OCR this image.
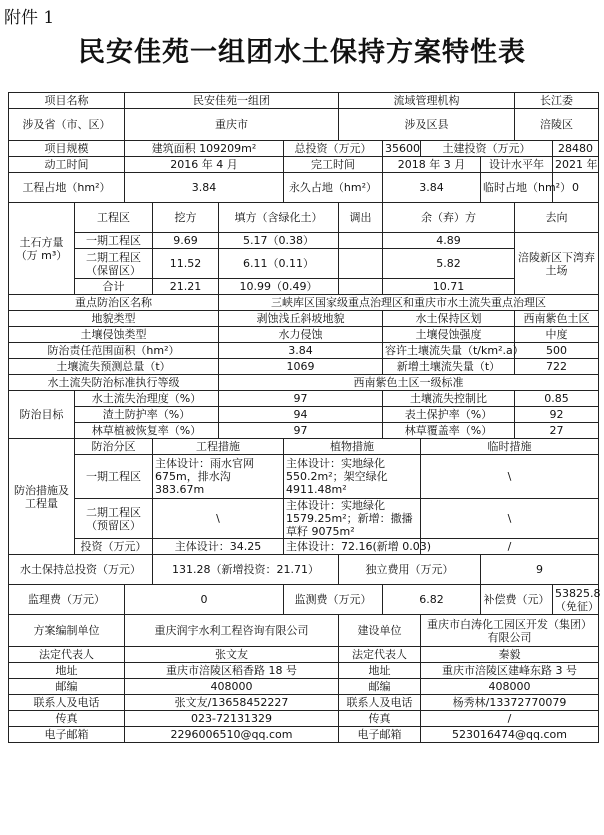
附件 1
民安佳苑一组团水土保持方案特性表
项目名称		民安佳苑一组团				流域管理机构				长江委	
涉及省（市、区）		重庆市				涉及区县				涪陵区	
项目规模		建筑面积 109209m²			总投资（万元）		35600	土建投资（万元）			28480
动工时间		2016 年 4 月			完工时间		2018 年 3 月		设计水平年		2021 年
工程占地（hm²）		3.84			永久占地（hm²）		3.84		临时占地（hm²）		0
土石方量（万 m³）	工程区		挖方	填方（含绿化土）		调出	余（弃）方			去向	
	一期工程区		9.69	5.17（0.38）			4.89			涪陵新区下湾弃土场	
	二期工程区（保留区）		11.52	6.11（0.11）			5.82				
	合计		21.21	10.99（0.49）			10.71				
重点防治区名称				三峡库区国家级重点治理区和重庆市水土流失重点治理区							
地貌类型				剥蚀浅丘斜坡地貌			水土保持区划			西南紫色土区	
土壤侵蚀类型				水力侵蚀			土壤侵蚀强度			中度	
防治责任范围面积（hm²）				3.84			容许土壤流失量（t/km².a）			500	
土壤流失预测总量（t）				1069			新增土壤流失量（t）			722	
水土流失防治标准执行等级				西南紫色土区一级标准							
防治目标	水土流失治理度（%）			97			土壤流失控制比			0.85	
	渣土防护率（%）			94			表土保护率（%）			92	
	林草植被恢复率（%）			97			林草覆盖率（%）			27	
防治措施及工程量	防治分区		工程措施		植物措施			临时措施			
	一期工程区		主体设计：雨水官网675m，排水沟 383.67m		主体设计：实地绿化 550.2m²；架空绿化 4911.48m²			\			
	二期工程区（预留区）		\		主体设计：实地绿化1579.25m²；新增：撒播草籽 9075m²			\			
	投资（万元）		主体设计：34.25		主体设计：72.16(新增 0.03)			/			
水土保持总投资（万元）			131.28（新增投资：21.71）			独立费用（万元）			9		
监理费（万元）		0			监测费（万元）		6.82		补偿费（元）		53825.8（免征）
方案编制单位		重庆润宇水利工程咨询有限公司				建设单位		重庆市白涛化工园区开发（集团）有限公司			
法定代表人		张文友				法定代表人		秦毅			
地址		重庆市涪陵区稻香路 18 号				地址		重庆市涪陵区建峰东路 3 号			
邮编		408000				邮编		408000			
联系人及电话		张文友/13658452227				联系人及电话		杨秀林/13372770079			
传真		023-72131329				传真		/			
电子邮箱		2296006510@qq.com				电子邮箱		523016474@qq.com			
